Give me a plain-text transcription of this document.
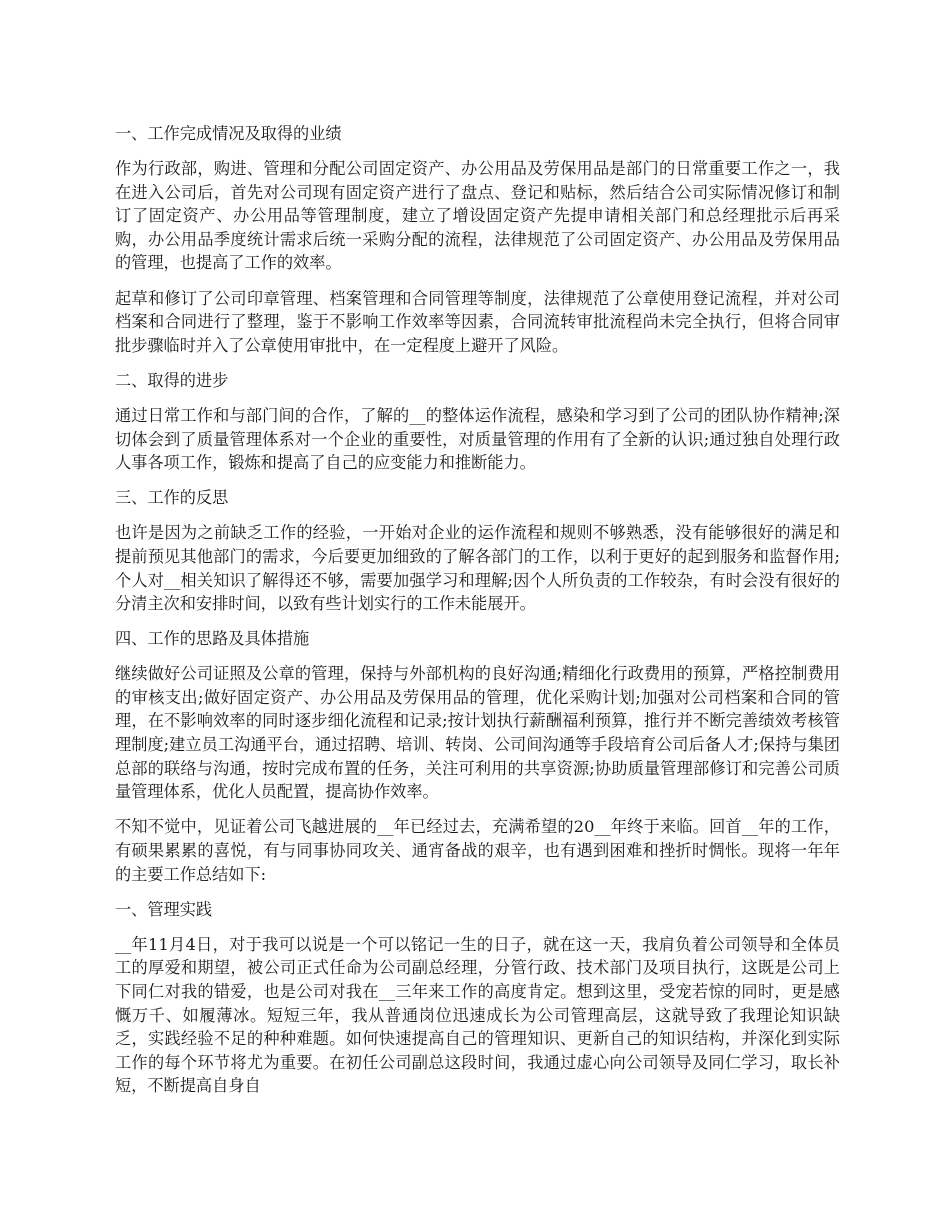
一、工作完成情况及取得的业绩

作为行政部，购进、管理和分配公司固定资产、办公用品及劳保用品是部门的日常重要工作之一，我在进入公司后，首先对公司现有固定资产进行了盘点、登记和贴标，然后结合公司实际情况修订和制订了固定资产、办公用品等管理制度，建立了增设固定资产先提申请相关部门和总经理批示后再采购，办公用品季度统计需求后统一采购分配的流程，法律规范了公司固定资产、办公用品及劳保用品的管理，也提高了工作的效率。

起草和修订了公司印章管理、档案管理和合同管理等制度，法律规范了公章使用登记流程，并对公司档案和合同进行了整理，鉴于不影响工作效率等因素，合同流转审批流程尚未完全执行，但将合同审批步骤临时并入了公章使用审批中，在一定程度上避开了风险。

二、取得的进步

通过日常工作和与部门间的合作，了解的__的整体运作流程，感染和学习到了公司的团队协作精神;深切体会到了质量管理体系对一个企业的重要性，对质量管理的作用有了全新的认识;通过独自处理行政人事各项工作，锻炼和提高了自己的应变能力和推断能力。

三、工作的反思

也许是因为之前缺乏工作的经验，一开始对企业的运作流程和规则不够熟悉，没有能够很好的满足和提前预见其他部门的需求，今后要更加细致的了解各部门的工作，以利于更好的起到服务和监督作用;个人对__相关知识了解得还不够，需要加强学习和理解;因个人所负责的工作较杂，有时会没有很好的分清主次和安排时间，以致有些计划实行的工作未能展开。

四、工作的思路及具体措施

继续做好公司证照及公章的管理，保持与外部机构的良好沟通;精细化行政费用的预算，严格控制费用的审核支出;做好固定资产、办公用品及劳保用品的管理，优化采购计划;加强对公司档案和合同的管理，在不影响效率的同时逐步细化流程和记录;按计划执行薪酬福利预算，推行并不断完善绩效考核管理制度;建立员工沟通平台，通过招聘、培训、转岗、公司间沟通等手段培育公司后备人才;保持与集团总部的联络与沟通，按时完成布置的任务，关注可利用的共享资源;协助质量管理部修订和完善公司质量管理体系，优化人员配置，提高协作效率。

不知不觉中，见证着公司飞越进展的__年已经过去，充满希望的20__年终于来临。回首__年的工作，有硕果累累的喜悦，有与同事协同攻关、通宵备战的艰辛，也有遇到困难和挫折时惆怅。现将一年年的主要工作总结如下:

一、管理实践

__年11月4日，对于我可以说是一个可以铭记一生的日子，就在这一天，我肩负着公司领导和全体员工的厚爱和期望，被公司正式任命为公司副总经理，分管行政、技术部门及项目执行，这既是公司上下同仁对我的错爱，也是公司对我在__三年来工作的高度肯定。想到这里，受宠若惊的同时，更是感慨万千、如履薄冰。短短三年，我从普通岗位迅速成长为公司管理高层，这就导致了我理论知识缺乏，实践经验不足的种种难题。如何快速提高自己的管理知识、更新自己的知识结构，并深化到实际工作的每个环节将尤为重要。在初任公司副总这段时间，我通过虚心向公司领导及同仁学习，取长补短，不断提高自身自
